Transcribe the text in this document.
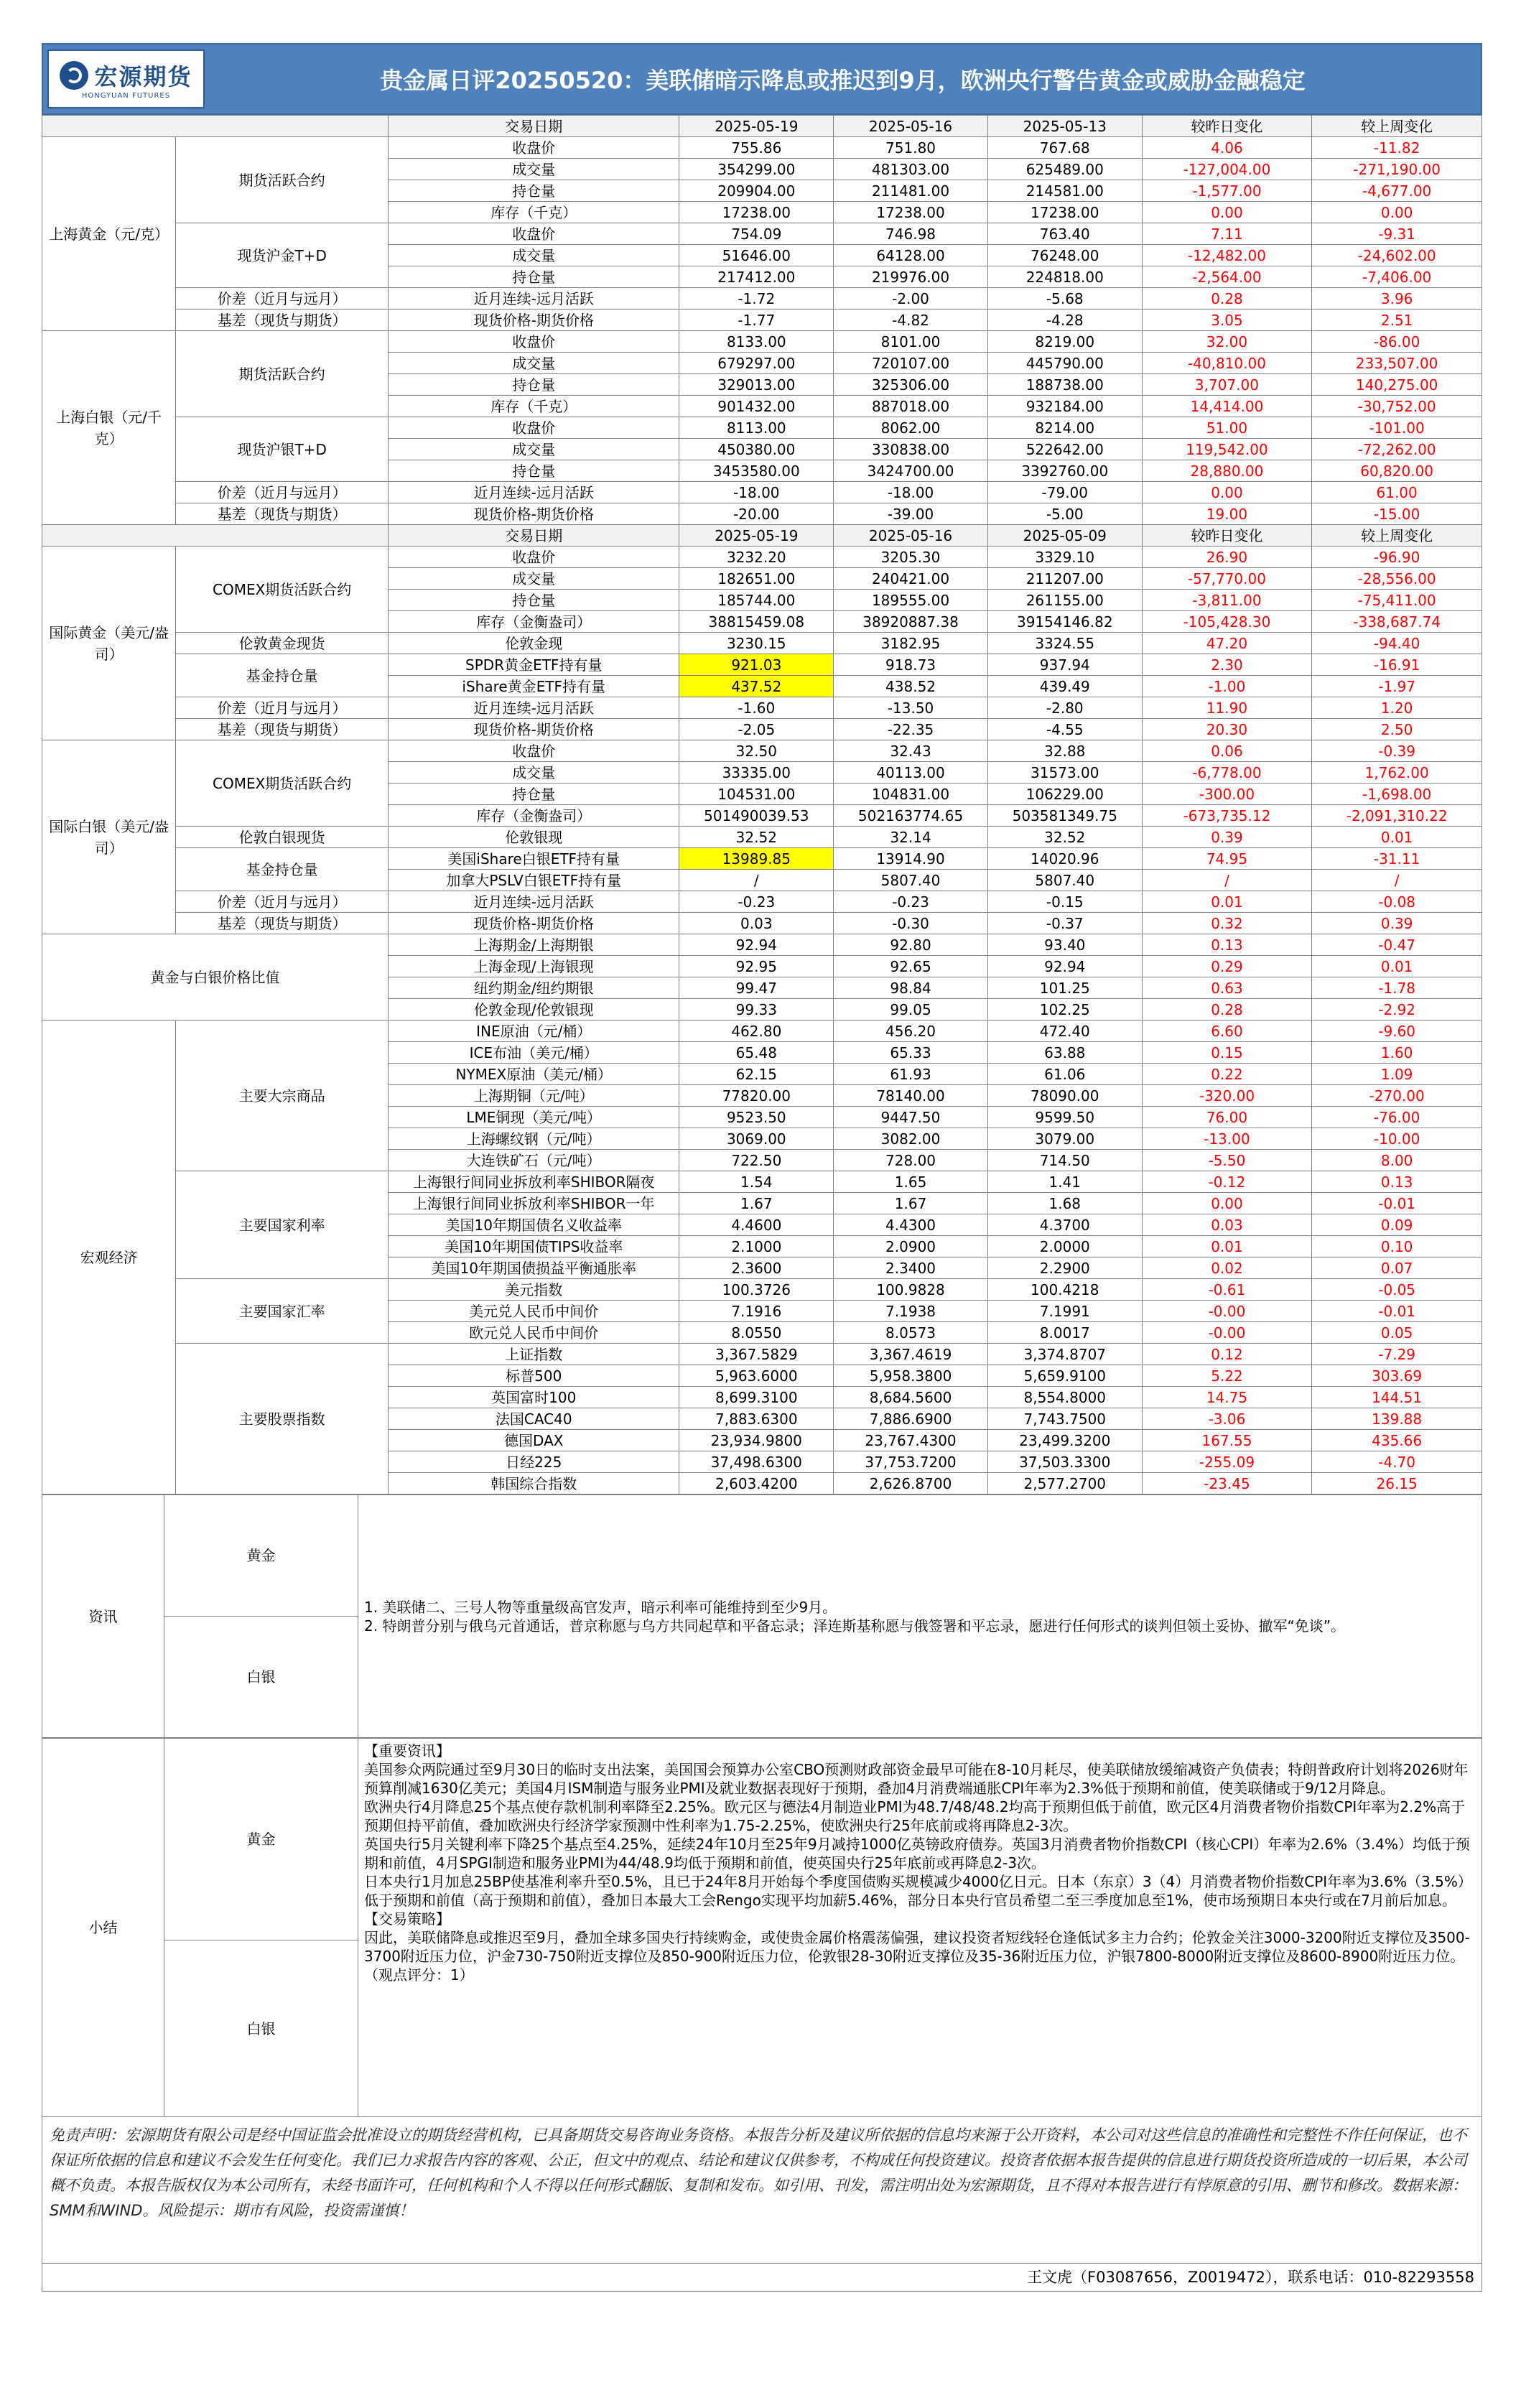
宏源期货
HONGYUAN FUTURES
贵金属日评20250520：美联储暗示降息或推迟到9月，欧洲央行警告黄金或威胁金融稳定
		交易日期	2025-05-19	2025-05-16	2025-05-13	较昨日变化	较上周变化
上海黄金（元/克）	期货活跃合约	收盘价	755.86	751.80	767.68	4.06	-11.82
		成交量	354299.00	481303.00	625489.00	-127,004.00	-271,190.00
		持仓量	209904.00	211481.00	214581.00	-1,577.00	-4,677.00
		库存（千克）	17238.00	17238.00	17238.00	0.00	0.00
	现货沪金T+D	收盘价	754.09	746.98	763.40	7.11	-9.31
		成交量	51646.00	64128.00	76248.00	-12,482.00	-24,602.00
		持仓量	217412.00	219976.00	224818.00	-2,564.00	-7,406.00
	价差（近月与远月）	近月连续-远月活跃	-1.72	-2.00	-5.68	0.28	3.96
	基差（现货与期货）	现货价格-期货价格	-1.77	-4.82	-4.28	3.05	2.51
上海白银（元/千克）	期货活跃合约	收盘价	8133.00	8101.00	8219.00	32.00	-86.00
		成交量	679297.00	720107.00	445790.00	-40,810.00	233,507.00
		持仓量	329013.00	325306.00	188738.00	3,707.00	140,275.00
		库存（千克）	901432.00	887018.00	932184.00	14,414.00	-30,752.00
	现货沪银T+D	收盘价	8113.00	8062.00	8214.00	51.00	-101.00
		成交量	450380.00	330838.00	522642.00	119,542.00	-72,262.00
		持仓量	3453580.00	3424700.00	3392760.00	28,880.00	60,820.00
	价差（近月与远月）	近月连续-远月活跃	-18.00	-18.00	-79.00	0.00	61.00
	基差（现货与期货）	现货价格-期货价格	-20.00	-39.00	-5.00	19.00	-15.00
		交易日期	2025-05-19	2025-05-16	2025-05-09	较昨日变化	较上周变化
国际黄金（美元/盎司）	COMEX期货活跃合约	收盘价	3232.20	3205.30	3329.10	26.90	-96.90
		成交量	182651.00	240421.00	211207.00	-57,770.00	-28,556.00
		持仓量	185744.00	189555.00	261155.00	-3,811.00	-75,411.00
		库存（金衡盎司）	38815459.08	38920887.38	39154146.82	-105,428.30	-338,687.74
	伦敦黄金现货	伦敦金现	3230.15	3182.95	3324.55	47.20	-94.40
	基金持仓量	SPDR黄金ETF持有量	921.03	918.73	937.94	2.30	-16.91
		iShare黄金ETF持有量	437.52	438.52	439.49	-1.00	-1.97
	价差（近月与远月）	近月连续-远月活跃	-1.60	-13.50	-2.80	11.90	1.20
	基差（现货与期货）	现货价格-期货价格	-2.05	-22.35	-4.55	20.30	2.50
国际白银（美元/盎司）	COMEX期货活跃合约	收盘价	32.50	32.43	32.88	0.06	-0.39
		成交量	33335.00	40113.00	31573.00	-6,778.00	1,762.00
		持仓量	104531.00	104831.00	106229.00	-300.00	-1,698.00
		库存（金衡盎司）	501490039.53	502163774.65	503581349.75	-673,735.12	-2,091,310.22
	伦敦白银现货	伦敦银现	32.52	32.14	32.52	0.39	0.01
	基金持仓量	美国iShare白银ETF持有量	13989.85	13914.90	14020.96	74.95	-31.11
		加拿大PSLV白银ETF持有量	/	5807.40	5807.40	/	/
	价差（近月与远月）	近月连续-远月活跃	-0.23	-0.23	-0.15	0.01	-0.08
	基差（现货与期货）	现货价格-期货价格	0.03	-0.30	-0.37	0.32	0.39
黄金与白银价格比值		上海期金/上海期银	92.94	92.80	93.40	0.13	-0.47
		上海金现/上海银现	92.95	92.65	92.94	0.29	0.01
		纽约期金/纽约期银	99.47	98.84	101.25	0.63	-1.78
		伦敦金现/伦敦银现	99.33	99.05	102.25	0.28	-2.92
宏观经济	主要大宗商品	INE原油（元/桶）	462.80	456.20	472.40	6.60	-9.60
		ICE布油（美元/桶）	65.48	65.33	63.88	0.15	1.60
		NYMEX原油（美元/桶）	62.15	61.93	61.06	0.22	1.09
		上海期铜（元/吨）	77820.00	78140.00	78090.00	-320.00	-270.00
		LME铜现（美元/吨）	9523.50	9447.50	9599.50	76.00	-76.00
		上海螺纹钢（元/吨）	3069.00	3082.00	3079.00	-13.00	-10.00
		大连铁矿石（元/吨）	722.50	728.00	714.50	-5.50	8.00
	主要国家利率	上海银行间同业拆放利率SHIBOR隔夜	1.54	1.65	1.41	-0.12	0.13
		上海银行间同业拆放利率SHIBOR一年	1.67	1.67	1.68	0.00	-0.01
		美国10年期国债名义收益率	4.4600	4.4300	4.3700	0.03	0.09
		美国10年期国债TIPS收益率	2.1000	2.0900	2.0000	0.01	0.10
		美国10年期国债损益平衡通胀率	2.3600	2.3400	2.2900	0.02	0.07
	主要国家汇率	美元指数	100.3726	100.9828	100.4218	-0.61	-0.05
		美元兑人民币中间价	7.1916	7.1938	7.1991	-0.00	-0.01
		欧元兑人民币中间价	8.0550	8.0573	8.0017	-0.00	0.05
	主要股票指数	上证指数	3,367.5829	3,367.4619	3,374.8707	0.12	-7.29
		标普500	5,963.6000	5,958.3800	5,659.9100	5.22	303.69
		英国富时100	8,699.3100	8,684.5600	8,554.8000	14.75	144.51
		法国CAC40	7,883.6300	7,886.6900	7,743.7500	-3.06	139.88
		德国DAX	23,934.9800	23,767.4300	23,499.3200	167.55	435.66
		日经225	37,498.6300	37,753.7200	37,503.3300	-255.09	-4.70
		韩国综合指数	2,603.4200	2,626.8700	2,577.2700	-23.45	26.15
资讯	黄金	
1. 美联储二、三号人物等重量级高官发声，暗示利率可能维持到至少9月。
2. 特朗普分别与俄乌元首通话，普京称愿与乌方共同起草和平备忘录；泽连斯基称愿与俄签署和平忘录，愿进行任何形式的谈判但领土妥协、撤军“免谈”。

白银
小结	黄金	
【重要资讯】
美国参众两院通过至9月30日的临时支出法案，美国国会预算办公室CBO预测财政部资金最早可能在8-10月耗尽，使美联储放缓缩减资产负债表；特朗普政府计划将2026财年预算削减1630亿美元；美国4月ISM制造与服务业PMI及就业数据表现好于预期，叠加4月消费端通胀CPI年率为2.3%低于预期和前值，使美联储或于9/12月降息。
欧洲央行4月降息25个基点使存款机制利率降至2.25%。欧元区与德法4月制造业PMI为48.7/48/48.2均高于预期但低于前值，欧元区4月消费者物价指数CPI年率为2.2%高于预期但持平前值，叠加欧洲央行经济学家预测中性利率为1.75-2.25%，使欧洲央行25年底前或将再降息2-3次。
英国央行5月关键利率下降25个基点至4.25%，延续24年10月至25年9月减持1000亿英镑政府债券。英国3月消费者物价指数CPI（核心CPI）年率为2.6%（3.4%）均低于预期和前值，4月SPGI制造和服务业PMI为44/48.9均低于预期和前值，使英国央行25年底前或再降息2-3次。
日本央行1月加息25BP使基准利率升至0.5%，且已于24年8月开始每个季度国债购买规模减少4000亿日元。日本（东京）3（4）月消费者物价指数CPI年率为3.6%（3.5%）低于预期和前值（高于预期和前值），叠加日本最大工会Rengo实现平均加薪5.46%，部分日本央行官员希望二至三季度加息至1%，使市场预期日本央行或在7月前后加息。
【交易策略】
因此，美联储降息或推迟至9月，叠加全球多国央行持续购金，或使贵金属价格震荡偏强，建议投资者短线轻仓逢低试多主力合约；伦敦金关注3000-3200附近支撑位及3500-3700附近压力位，沪金730-750附近支撑位及850-900附近压力位，伦敦银28-30附近支撑位及35-36附近压力位，沪银7800-8000附近支撑位及8600-8900附近压力位。（观点评分：1）

白银
免责声明：宏源期货有限公司是经中国证监会批准设立的期货经营机构，已具备期货交易咨询业务资格。本报告分析及建议所依据的信息均来源于公开资料，本公司对这些信息的准确性和完整性不作任何保证，也不保证所依据的信息和建议不会发生任何变化。我们已力求报告内容的客观、公正，但文中的观点、结论和建议仅供参考，不构成任何投资建议。投资者依据本报告提供的信息进行期货投资所造成的一切后果，本公司概不负责。本报告版权仅为本公司所有，未经书面许可，任何机构和个人不得以任何形式翻版、复制和发布。如引用、刊发，需注明出处为宏源期货，且不得对本报告进行有悖原意的引用、删节和修改。数据来源：SMM和WIND。风险提示：期市有风险，投资需谨慎！
王文虎（F03087656，Z0019472），联系电话：010-82293558
